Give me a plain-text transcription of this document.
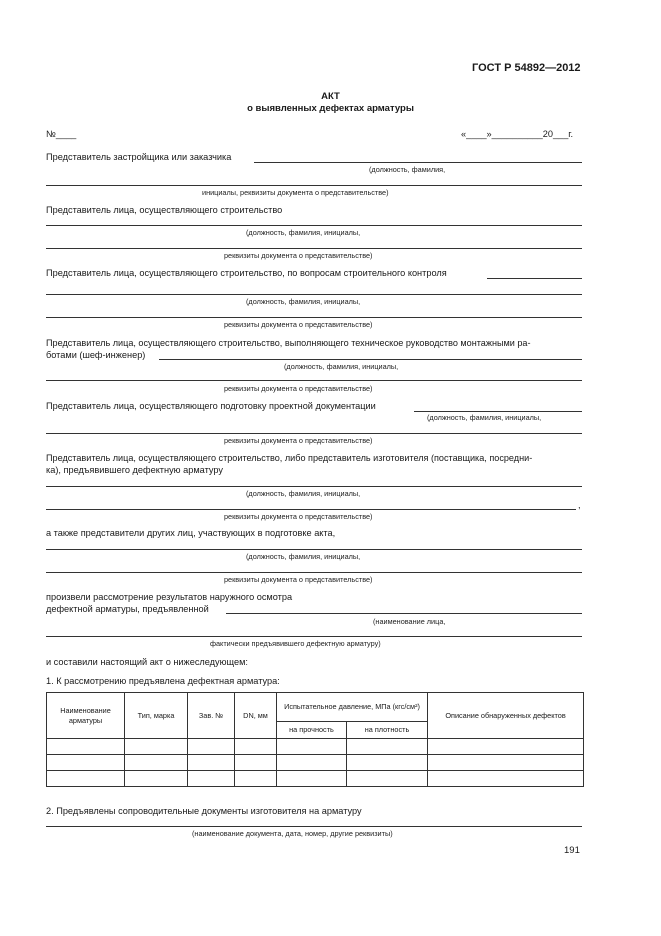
ГОСТ Р 54892—2012
АКТ
о выявленных дефектах арматуры
№____	«____»__________20___г.
Представитель застройщика или заказчика
(должность, фамилия,
инициалы, реквизиты документа о представительстве)
Представитель лица, осуществляющего строительство
(должность, фамилия, инициалы,
реквизиты документа о представительстве)
Представитель лица, осуществляющего строительство, по вопросам строительного контроля
(должность, фамилия, инициалы,
реквизиты документа о представительстве)
Представитель лица, осуществляющего строительство, выполняющего техническое руководство монтажными ра-
ботами (шеф-инженер)
(должность, фамилия, инициалы,
реквизиты документа о представительстве)
Представитель лица, осуществляющего подготовку проектной документации
(должность, фамилия, инициалы,
реквизиты документа о представительстве)
Представитель лица, осуществляющего строительство, либо представитель изготовителя (поставщика, посредни-
ка), предъявившего дефектную арматуру
(должность, фамилия, инициалы,
,
реквизиты документа о представительстве)
а также представители других лиц, участвующих в подготовке акта,
(должность, фамилия, инициалы,
реквизиты документа о представительстве)
произвели рассмотрение результатов наружного осмотра
дефектной арматуры, предъявленной
(наименование лица,
фактически предъявившего дефектную арматуру)
и составили настоящий акт о нижеследующем:
1. К рассмотрению предъявлена дефектная арматура:
Наименование арматуры	Тип, марка	Зав. №	DN, мм	Испытательное давление, МПа (кгс/см²)		Описание обнаруженных дефектов
				на прочность	на плотность	

2. Предъявлены сопроводительные документы изготовителя на арматуру
(наименование документа, дата, номер, другие реквизиты)
191
